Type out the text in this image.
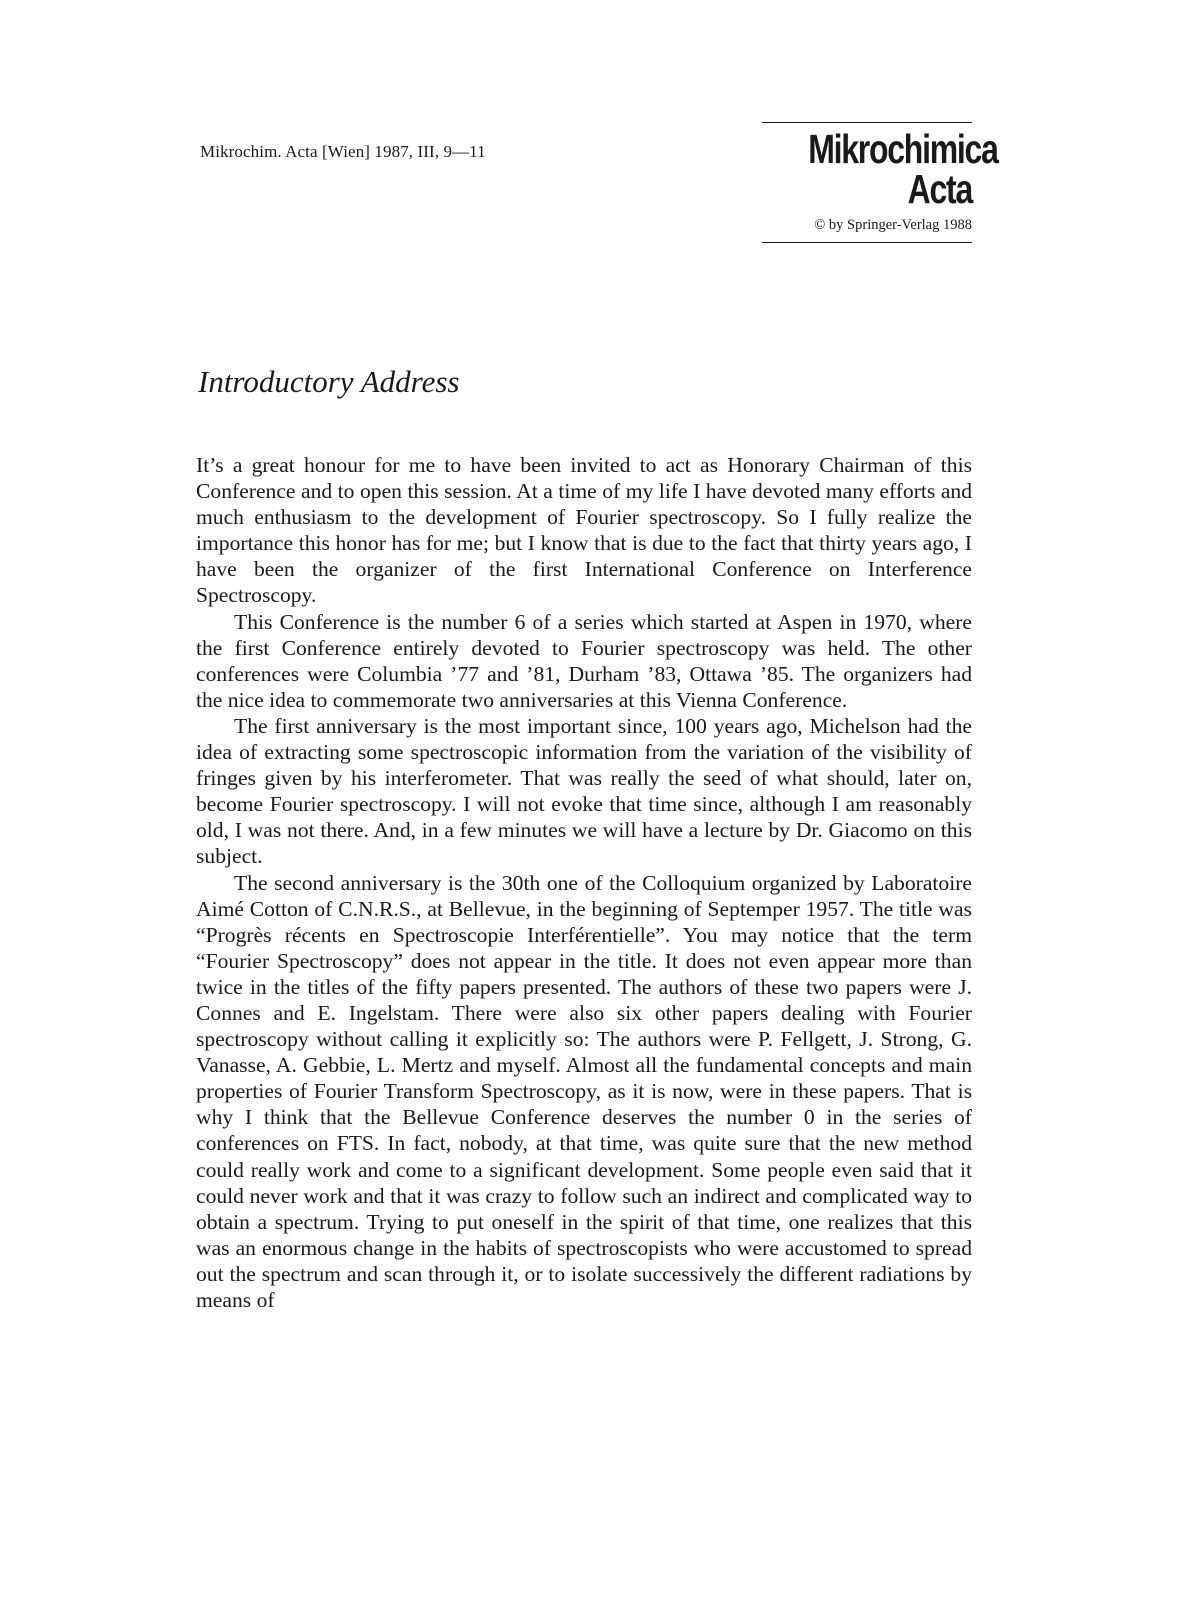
Mikrochim. Acta [Wien] 1987, III, 9—11	Mikrochimica
Acta
© by Springer-Verlag 1988
Introductory Address

It’s a great honour for me to have been invited to act as Honorary Chairman of this Conference and to open this session. At a time of my life I have devoted many efforts and much enthusiasm to the development of Fourier spectroscopy. So I fully realize the importance this honor has for me; but I know that is due to the fact that thirty years ago, I have been the organizer of the first International Conference on Interference Spectroscopy.

This Conference is the number 6 of a series which started at Aspen in 1970, where the first Conference entirely devoted to Fourier spectroscopy was held. The other conferences were Columbia ’77 and ’81, Durham ’83, Ottawa ’85. The organizers had the nice idea to commemorate two anniversaries at this Vienna Conference.

The first anniversary is the most important since, 100 years ago, Michelson had the idea of extracting some spectroscopic information from the variation of the visibility of fringes given by his interferometer. That was really the seed of what should, later on, become Fourier spectroscopy. I will not evoke that time since, although I am reasonably old, I was not there. And, in a few minutes we will have a lecture by Dr. Giacomo on this subject.

The second anniversary is the 30th one of the Colloquium organized by Laboratoire Aimé Cotton of C.N.R.S., at Bellevue, in the beginning of Septemper 1957. The title was “Progrès récents en Spectroscopie Interférentielle”. You may notice that the term “Fourier Spectroscopy” does not appear in the title. It does not even appear more than twice in the titles of the fifty papers presented. The authors of these two papers were J. Connes and E. Ingelstam. There were also six other papers dealing with Fourier spectroscopy without calling it explicitly so: The authors were P. Fellgett, J. Strong, G. Vanasse, A. Gebbie, L. Mertz and myself. Almost all the fundamental concepts and main properties of Fourier Transform Spectroscopy, as it is now, were in these papers. That is why I think that the Bellevue Conference deserves the number 0 in the series of conferences on FTS. In fact, nobody, at that time, was quite sure that the new method could really work and come to a significant development. Some people even said that it could never work and that it was crazy to follow such an indirect and complicated way to obtain a spectrum. Trying to put oneself in the spirit of that time, one realizes that this was an enormous change in the habits of spectroscopists who were accustomed to spread out the spectrum and scan through it, or to isolate successively the different radiations by means of
